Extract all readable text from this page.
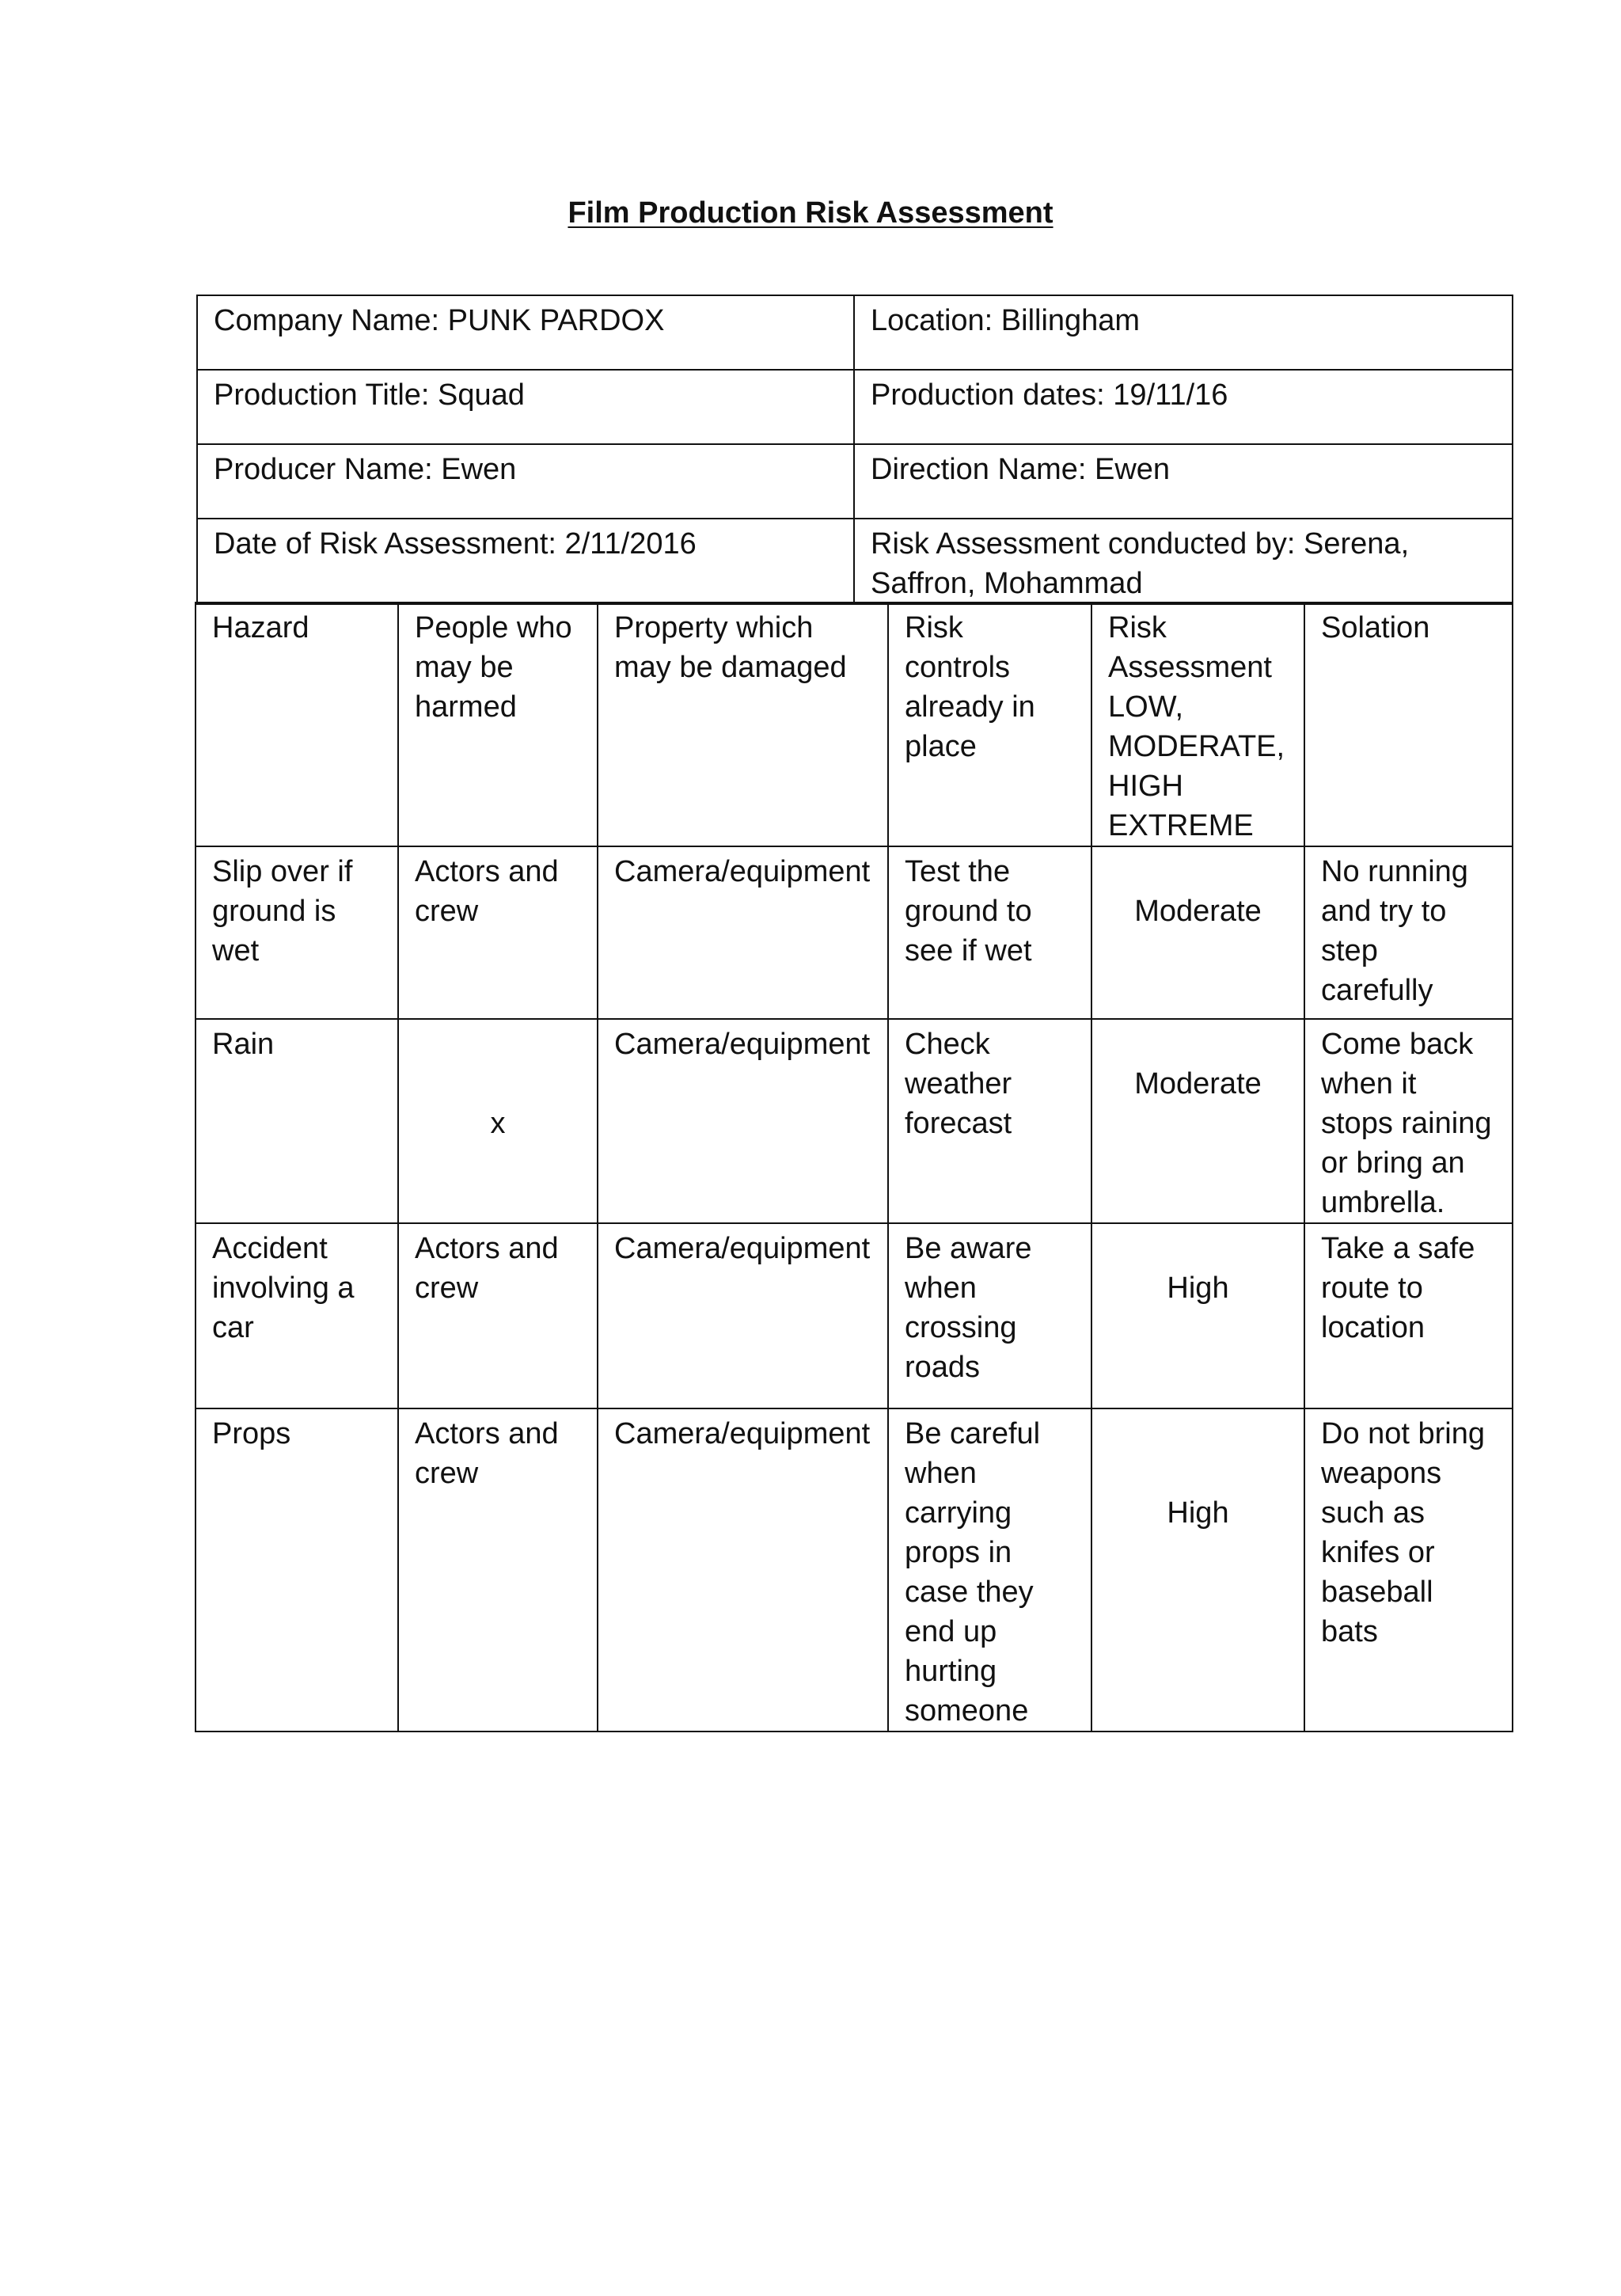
Film Production Risk Assessment
Company Name: PUNK PARDOX	Location: Billingham
Production Title: Squad	Production dates: 19/11/16
Producer Name: Ewen	Direction Name: Ewen
Date of Risk Assessment: 2/11/2016	Risk Assessment conducted by: Serena, Saffron, Mohammad
Hazard	People who may be harmed	Property which may be damaged	Risk controls already in place	Risk Assessment LOW, MODERATE, HIGH EXTREME	Solation
Slip over if ground is wet	Actors and crew	Camera/equipment	Test the ground to see if wet	Moderate	No running and try to step carefully
Rain	x	Camera/equipment	Check weather forecast	Moderate	Come back when it stops raining or bring an umbrella.
Accident involving a car	Actors and crew	Camera/equipment	Be aware when crossing roads	High	Take a safe route to location
Props	Actors and crew	Camera/equipment	Be careful when carrying props in case they end up hurting someone	High	Do not bring weapons such as knifes or baseball bats
